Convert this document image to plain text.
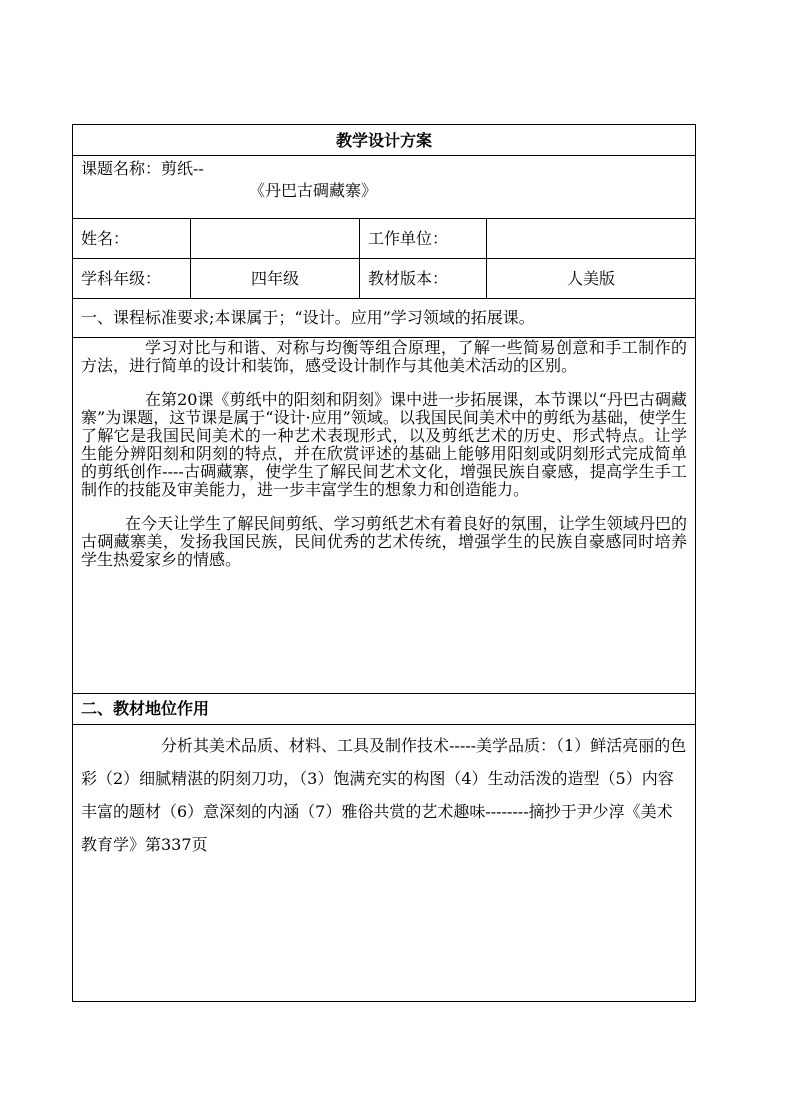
教学设计方案			

课题名称：剪纸--
《丹巴古碉藏寨》			

姓名：		工作单位：	
学科年级：	四年级	教材版本：	人美版
一、课程标准要求;本课属于；“设计。应用”学习领域的拓展课。			

学习对比与和谐、对称与均衡等组合原理，了解一些简易创意和手工制作的方法，进行简单的设计和装饰，感受设计制作与其他美术活动的区别。

在第20课《剪纸中的阳刻和阴刻》课中进一步拓展课，本节课以“丹巴古碉藏寨”为课题，这节课是属于“设计·应用”领域。以我国民间美术中的剪纸为基础，使学生了解它是我国民间美术的一种艺术表现形式，以及剪纸艺术的历史、形式特点。让学生能分辨阳刻和阴刻的特点，并在欣赏评述的基础上能够用阳刻或阴刻形式完成简单的剪纸创作----古碉藏寨，使学生了解民间艺术文化，增强民族自豪感，提高学生手工制作的技能及审美能力，进一步丰富学生的想象力和创造能力。

在今天让学生了解民间剪纸、学习剪纸艺术有着良好的氛围，让学生领域丹巴的古碉藏寨美，发扬我国民族，民间优秀的艺术传统，增强学生的民族自豪感同时培养学生热爱家乡的情感。			

二、教材地位作用			

分析其美术品质、材料、工具及制作技术-----美学品质：（1）鲜活亮丽的色彩（2）细腻精湛的阴刻刀功，（3）饱满充实的构图（4）生动活泼的造型（5）内容丰富的题材（6）意深刻的内涵（7）雅俗共赏的艺术趣味--------摘抄于尹少淳《美术教育学》第337页			
